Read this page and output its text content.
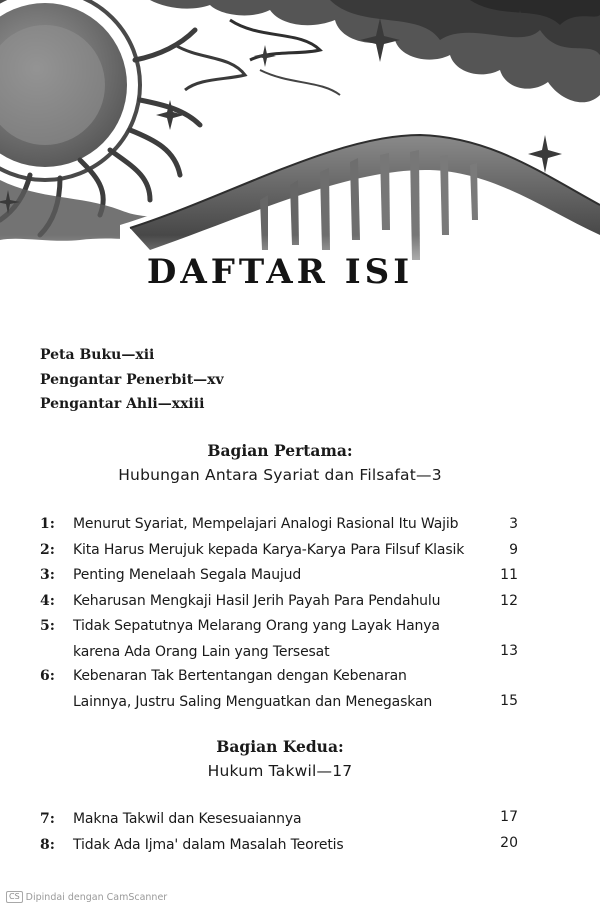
DAFTAR ISI
Peta Buku—xii
Pengantar Penerbit—xv
Pengantar Ahli—xxiii
Bagian Pertama:
Hubungan Antara Syariat dan Filsafat—3
1: Menurut Syariat, Mempelajari Analogi Rasional Itu Wajib	3
2: Kita Harus Merujuk kepada Karya-Karya Para Filsuf Klasik	9
3: Penting Menelaah Segala Maujud	11
4: Keharusan Mengkaji Hasil Jerih Payah Para Pendahulu	12
5: Tidak Sepatutnya Melarang Orang yang Layak Hanya
karena Ada Orang Lain yang Tersesat	13
6: Kebenaran Tak Bertentangan dengan Kebenaran
Lainnya, Justru Saling Menguatkan dan Menegaskan	15
Bagian Kedua:
Hukum Takwil—17
7: Makna Takwil dan Kesesuaiannya	17
8: Tidak Ada Ijma' dalam Masalah Teoretis	20
CS Dipindai dengan CamScanner
